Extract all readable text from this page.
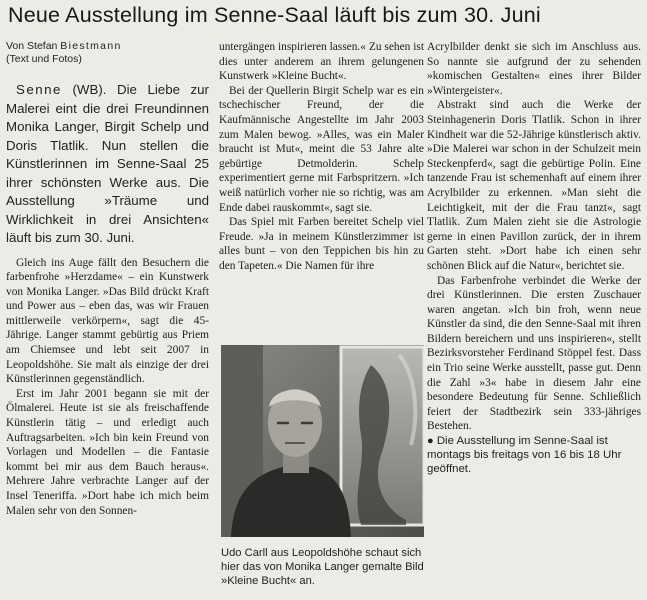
Neue Ausstellung im Senne-Saal läuft bis zum 30. Juni
Von Stefan Biestmann
(Text und Fotos)

Senne (WB). Die Liebe zur Malerei eint die drei Freundinnen Monika Langer, Birgit Schelp und Doris Tlatlik. Nun stellen die Künstlerinnen im Senne-Saal 25 ihrer schönsten Werke aus. Die Ausstellung »Träume und Wirklichkeit in drei Ansichten« läuft bis zum 30. Juni.

Gleich ins Auge fällt den Besuchern die farbenfrohe »Herzdame« – ein Kunstwerk von Monika Langer. »Das Bild drückt Kraft und Power aus – eben das, was wir Frauen mittlerweile verkörpern«, sagt die 45-Jährige. Langer stammt gebürtig aus Priem am Chiemsee und lebt seit 2007 in Leopoldshöhe. Sie malt als einzige der drei Künstlerinnen gegenständlich.

Erst im Jahr 2001 begann sie mit der Ölmalerei. Heute ist sie als freischaffende Künstlerin tätig – und erledigt auch Auftragsarbeiten. »Ich bin kein Freund von Vorlagen und Modellen – die Fantasie kommt bei mir aus dem Bauch heraus«. Mehrere Jahre verbrachte Langer auf der Insel Teneriffa. »Dort habe ich mich beim Malen sehr von den Sonnen-

untergängen inspirieren lassen.« Zu sehen ist dies unter anderem an ihrem gelungenen Kunstwerk »Kleine Bucht«.

Bei der Quellerin Birgit Schelp war es ein tschechischer Freund, der die Kaufmännische Angestellte im Jahr 2003 zum Malen bewog. »Alles, was ein Maler braucht ist Mut«, meint die 53 Jahre alte gebürtige Detmolderin. Schelp experimentiert gerne mit Farbspritzern. »Ich weiß natürlich vorher nie so richtig, was am Ende dabei rauskommt«, sagt sie.

Das Spiel mit Farben bereitet Schelp viel Freude. »Ja in meinem Künstlerzimmer ist alles bunt – von den Teppichen bis hin zu den Tapeten.« Die Namen für ihre

Udo Carll aus Leopoldshöhe schaut sich hier das von Monika Langer gemalte Bild »Kleine Bucht« an.

Acrylbilder denkt sie sich im Anschluss aus. So nannte sie aufgrund der zu sehenden »komischen Gestalten« eines ihrer Bilder »Wintergeister«.

Abstrakt sind auch die Werke der Steinhagenerin Doris Tlatlik. Schon in ihrer Kindheit war die 52-Jährige künstlerisch aktiv. »Die Malerei war schon in der Schulzeit mein Steckenpferd«, sagt die gebürtige Polin. Eine tanzende Frau ist schemenhaft auf einem ihrer Acrylbilder zu erkennen. »Man sieht die Leichtigkeit, mit der die Frau tanzt«, sagt Tlatlik. Zum Malen zieht sie die Astrologie gerne in einen Pavillon zurück, der in ihrem Garten steht. »Dort habe ich einen sehr schönen Blick auf die Natur«, berichtet sie.

Das Farbenfrohe verbindet die Werke der drei Künstlerinnen. Die ersten Zuschauer waren angetan. »Ich bin froh, wenn neue Künstler da sind, die den Senne-Saal mit ihren Bildern bereichern und uns inspirieren«, stellt Bezirksvorsteher Ferdinand Stöppel fest. Dass ein Trio seine Werke ausstellt, passe gut. Denn die Zahl »3« habe in diesem Jahr eine besondere Bedeutung für Senne. Schließlich feiert der Stadtbezirk sein 333-jähriges Bestehen.

● Die Ausstellung im Senne-Saal ist montags bis freitags von 16 bis 18 Uhr geöffnet.
